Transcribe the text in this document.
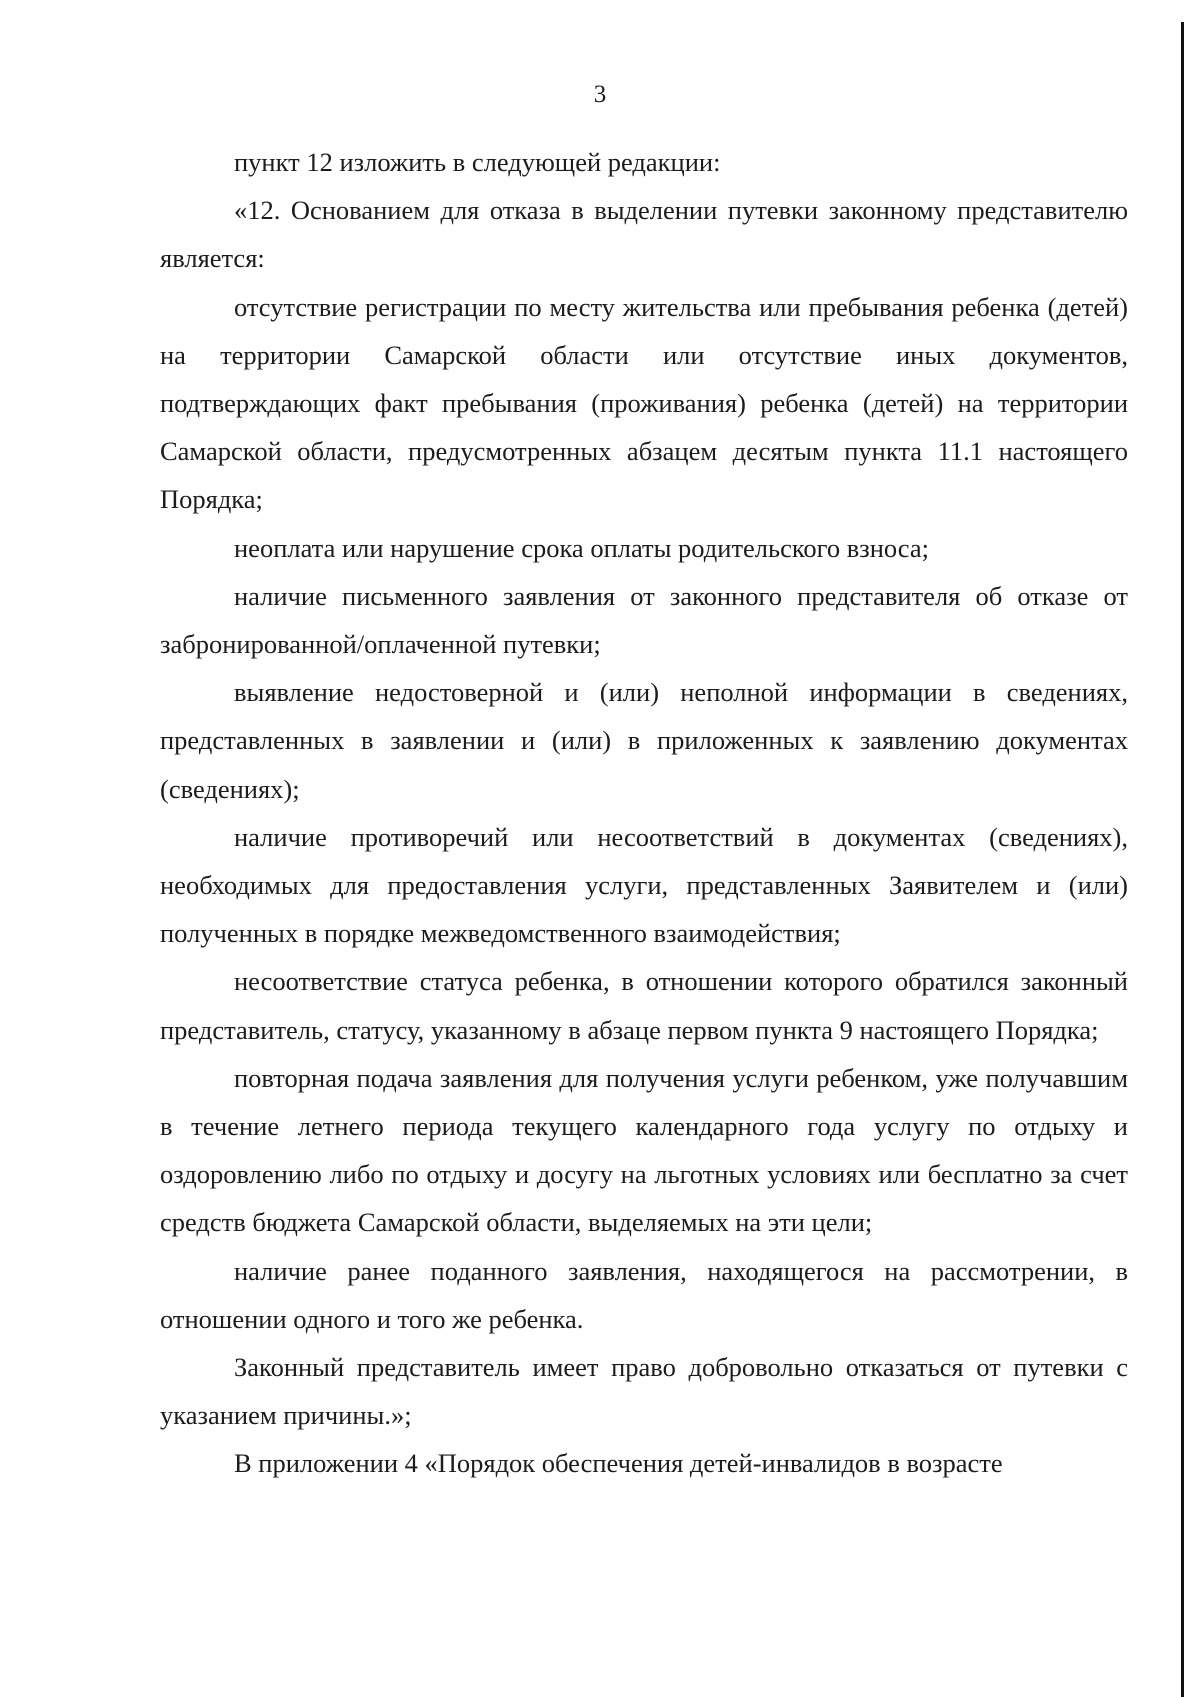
3

пункт 12 изложить в следующей редакции:

«12. Основанием для отказа в выделении путевки законному представителю является:

отсутствие регистрации по месту жительства или пребывания ребенка (детей) на территории Самарской области или отсутствие иных документов, подтверждающих факт пребывания (проживания) ребенка (детей) на территории Самарской области, предусмотренных абзацем десятым пункта 11.1 настоящего Порядка;

неоплата или нарушение срока оплаты родительского взноса;

наличие письменного заявления от законного представителя об отказе от забронированной/оплаченной путевки;

выявление недостоверной и (или) неполной информации в сведениях, представленных в заявлении и (или) в приложенных к заявлению документах (сведениях);

наличие противоречий или несоответствий в документах (сведениях), необходимых для предоставления услуги, представленных Заявителем и (или) полученных в порядке межведомственного взаимодействия;

несоответствие статуса ребенка, в отношении которого обратился законный представитель, статусу, указанному в абзаце первом пункта 9 настоящего Порядка;

повторная подача заявления для получения услуги ребенком, уже получавшим в течение летнего периода текущего календарного года услугу по отдыху и оздоровлению либо по отдыху и досугу на льготных условиях или бесплатно за счет средств бюджета Самарской области, выделяемых на эти цели;

наличие ранее поданного заявления, находящегося на рассмотрении, в отношении одного и того же ребенка.

Законный представитель имеет право добровольно отказаться от путевки с указанием причины.»;

В приложении 4 «Порядок обеспечения детей-инвалидов в возрасте
